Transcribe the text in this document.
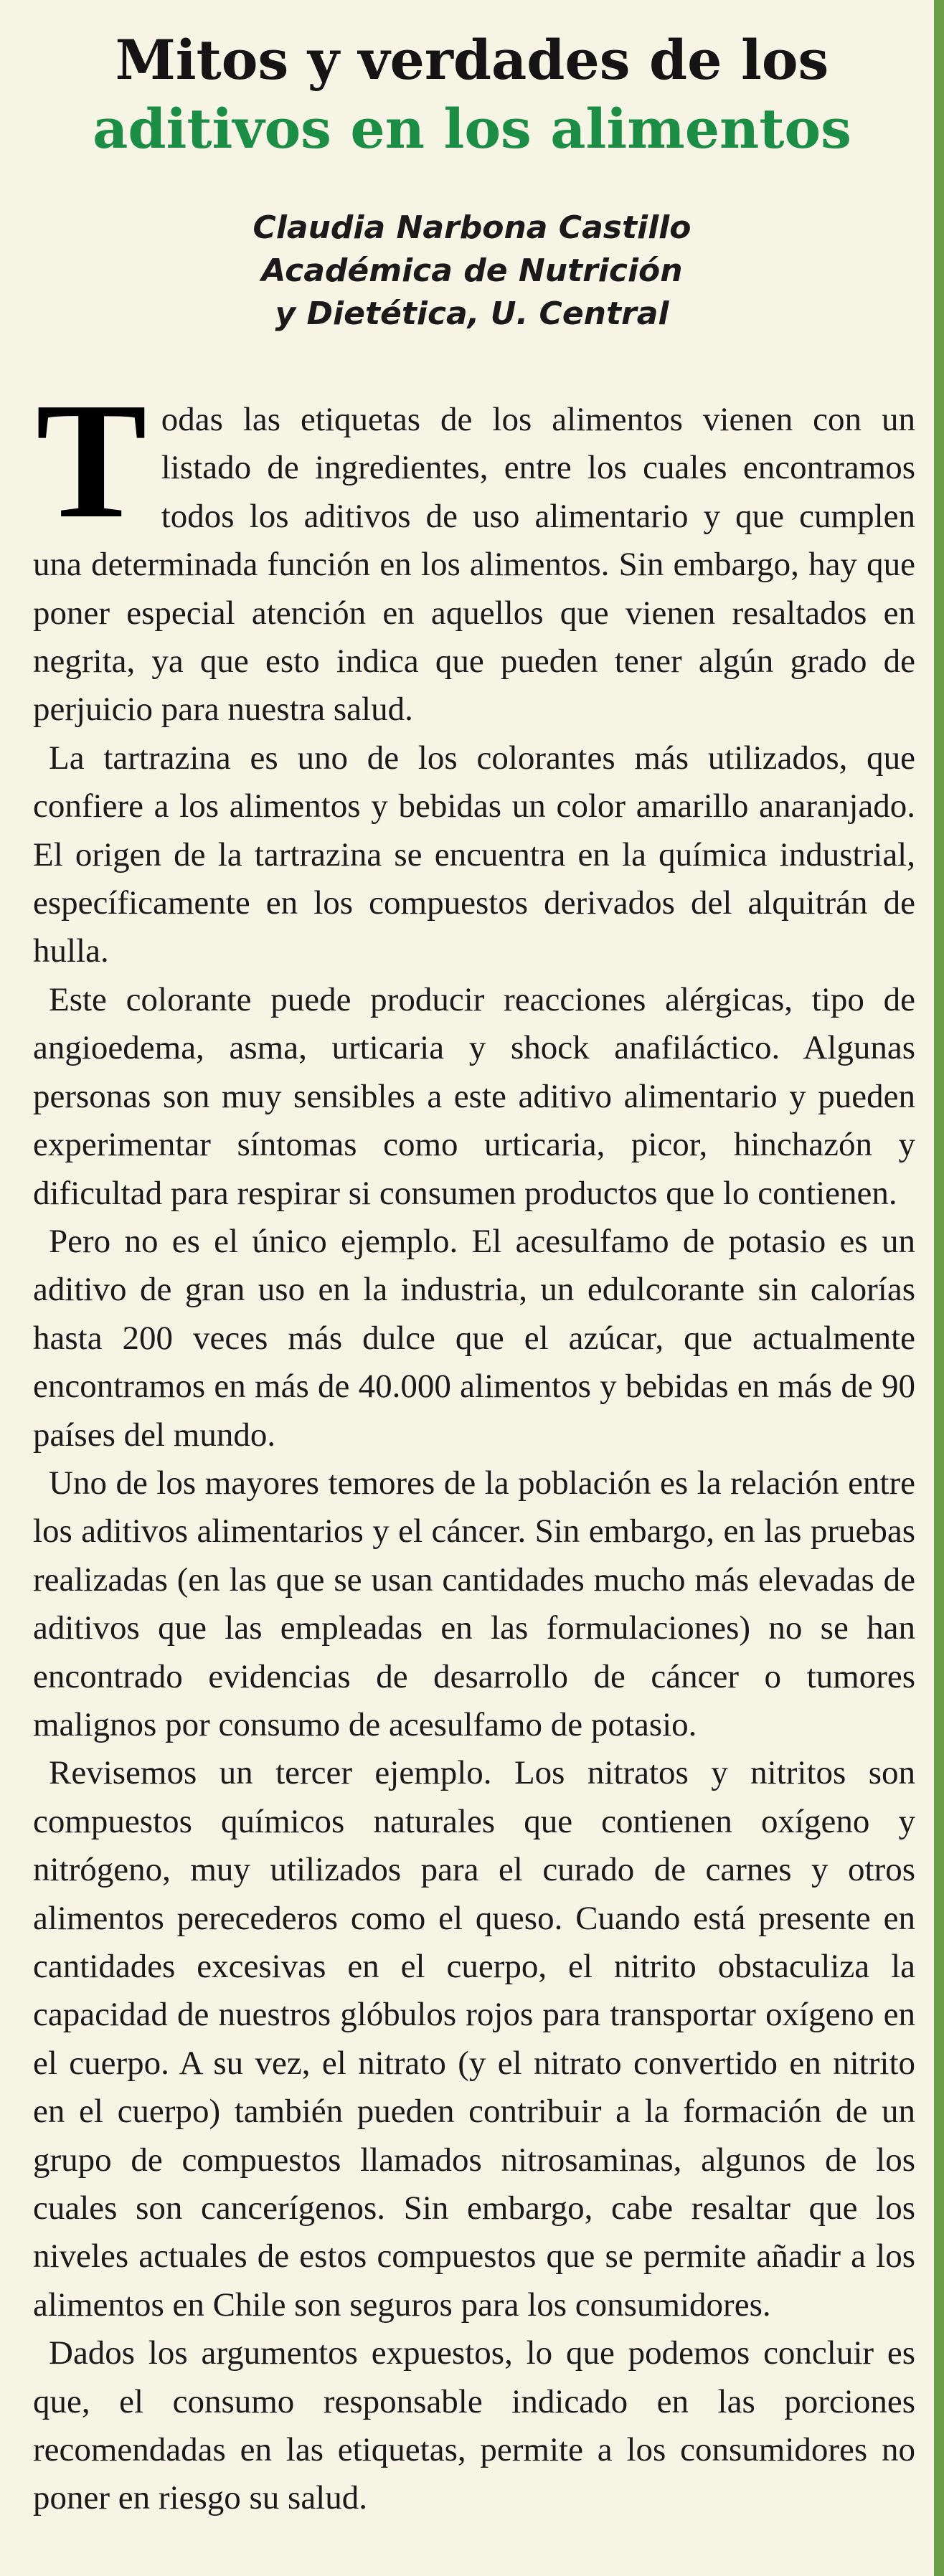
Mitos y verdades de los
aditivos en los alimentos
Claudia Narbona Castillo
Académica de Nutrición
y Dietética, U. Central

Todas las etiquetas de los alimentos vienen con un listado de ingredientes, entre los cuales encontramos todos los aditivos de uso alimentario y que cumplen una determinada función en los alimentos. Sin embargo, hay que poner especial atención en aquellos que vienen resaltados en negrita, ya que esto indica que pueden tener algún grado de perjuicio para nuestra salud.

La tartrazina es uno de los colorantes más utilizados, que confiere a los alimentos y bebidas un color amarillo anaranjado. El origen de la tartrazina se encuentra en la química industrial, específicamente en los compuestos derivados del alquitrán de hulla.

Este colorante puede producir reacciones alérgicas, tipo de angioedema, asma, urticaria y shock anafiláctico. Algunas personas son muy sensibles a este aditivo alimentario y pueden experimentar síntomas como urticaria, picor, hinchazón y dificultad para respirar si consumen productos que lo contienen.

Pero no es el único ejemplo. El acesulfamo de potasio es un aditivo de gran uso en la industria, un edulcorante sin calorías hasta 200 veces más dulce que el azúcar, que actualmente encontramos en más de 40.000 alimentos y bebidas en más de 90 países del mundo.

Uno de los mayores temores de la población es la relación entre los aditivos alimentarios y el cáncer. Sin embargo, en las pruebas realizadas (en las que se usan cantidades mucho más elevadas de aditivos que las empleadas en las formulaciones) no se han encontrado evidencias de desarrollo de cáncer o tumores malignos por consumo de acesulfamo de potasio.

Revisemos un tercer ejemplo. Los nitratos y nitritos son compuestos químicos naturales que contienen oxígeno y nitrógeno, muy utilizados para el curado de carnes y otros alimentos perecederos como el queso. Cuando está presente en cantidades excesivas en el cuerpo, el nitrito obstaculiza la capacidad de nuestros glóbulos rojos para transportar oxígeno en el cuerpo. A su vez, el nitrato (y el nitrato convertido en nitrito en el cuerpo) también pueden contribuir a la formación de un grupo de compuestos llamados nitrosaminas, algunos de los cuales son cancerígenos. Sin embargo, cabe resaltar que los niveles actuales de estos compuestos que se permite añadir a los alimentos en Chile son seguros para los consumidores.

Dados los argumentos expuestos, lo que podemos concluir es que, el consumo responsable indicado en las porciones recomendadas en las etiquetas, permite a los consumidores no poner en riesgo su salud.
